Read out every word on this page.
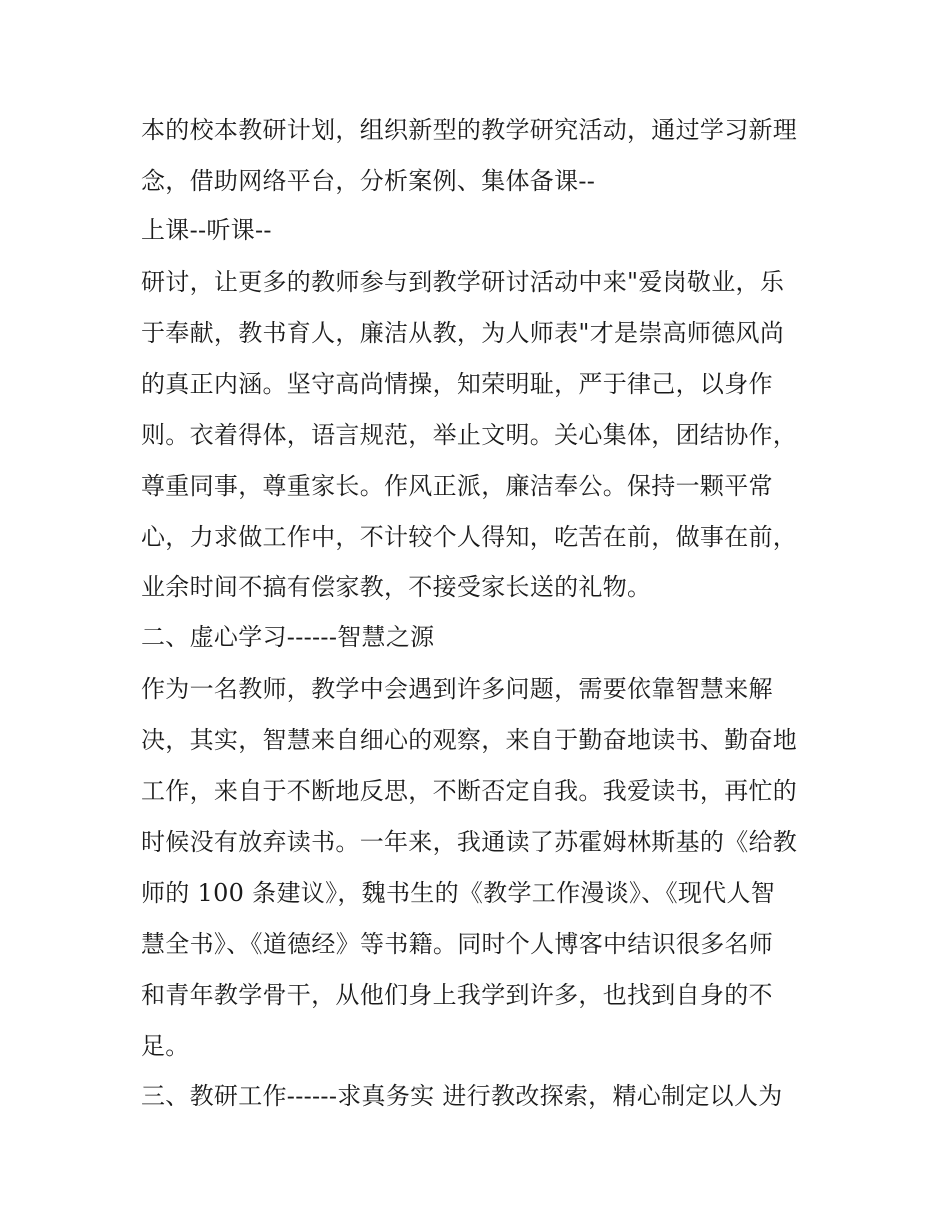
本的校本教研计划，组织新型的教学研究活动，通过学习新理
念，借助网络平台，分析案例、集体备课--
上课--听课--
研讨，让更多的教师参与到教学研讨活动中来"爱岗敬业，乐
于奉献，教书育人，廉洁从教，为人师表"才是崇高师德风尚
的真正内涵。坚守高尚情操，知荣明耻，严于律己，以身作
则。衣着得体，语言规范，举止文明。关心集体，团结协作，
尊重同事，尊重家长。作风正派，廉洁奉公。保持一颗平常
心，力求做工作中，不计较个人得知，吃苦在前，做事在前，
业余时间不搞有偿家教，不接受家长送的礼物。
二、虚心学习------智慧之源
作为一名教师，教学中会遇到许多问题，需要依靠智慧来解
决，其实，智慧来自细心的观察，来自于勤奋地读书、勤奋地
工作，来自于不断地反思，不断否定自我。我爱读书，再忙的
时候没有放弃读书。一年来，我通读了苏霍姆林斯基的《给教
师的 100 条建议》，魏书生的《教学工作漫谈》、《现代人智
慧全书》、《道德经》等书籍。同时个人博客中结识很多名师
和青年教学骨干，从他们身上我学到许多，也找到自身的不
足。
三、教研工作------求真务实 进行教改探索，精心制定以人为
